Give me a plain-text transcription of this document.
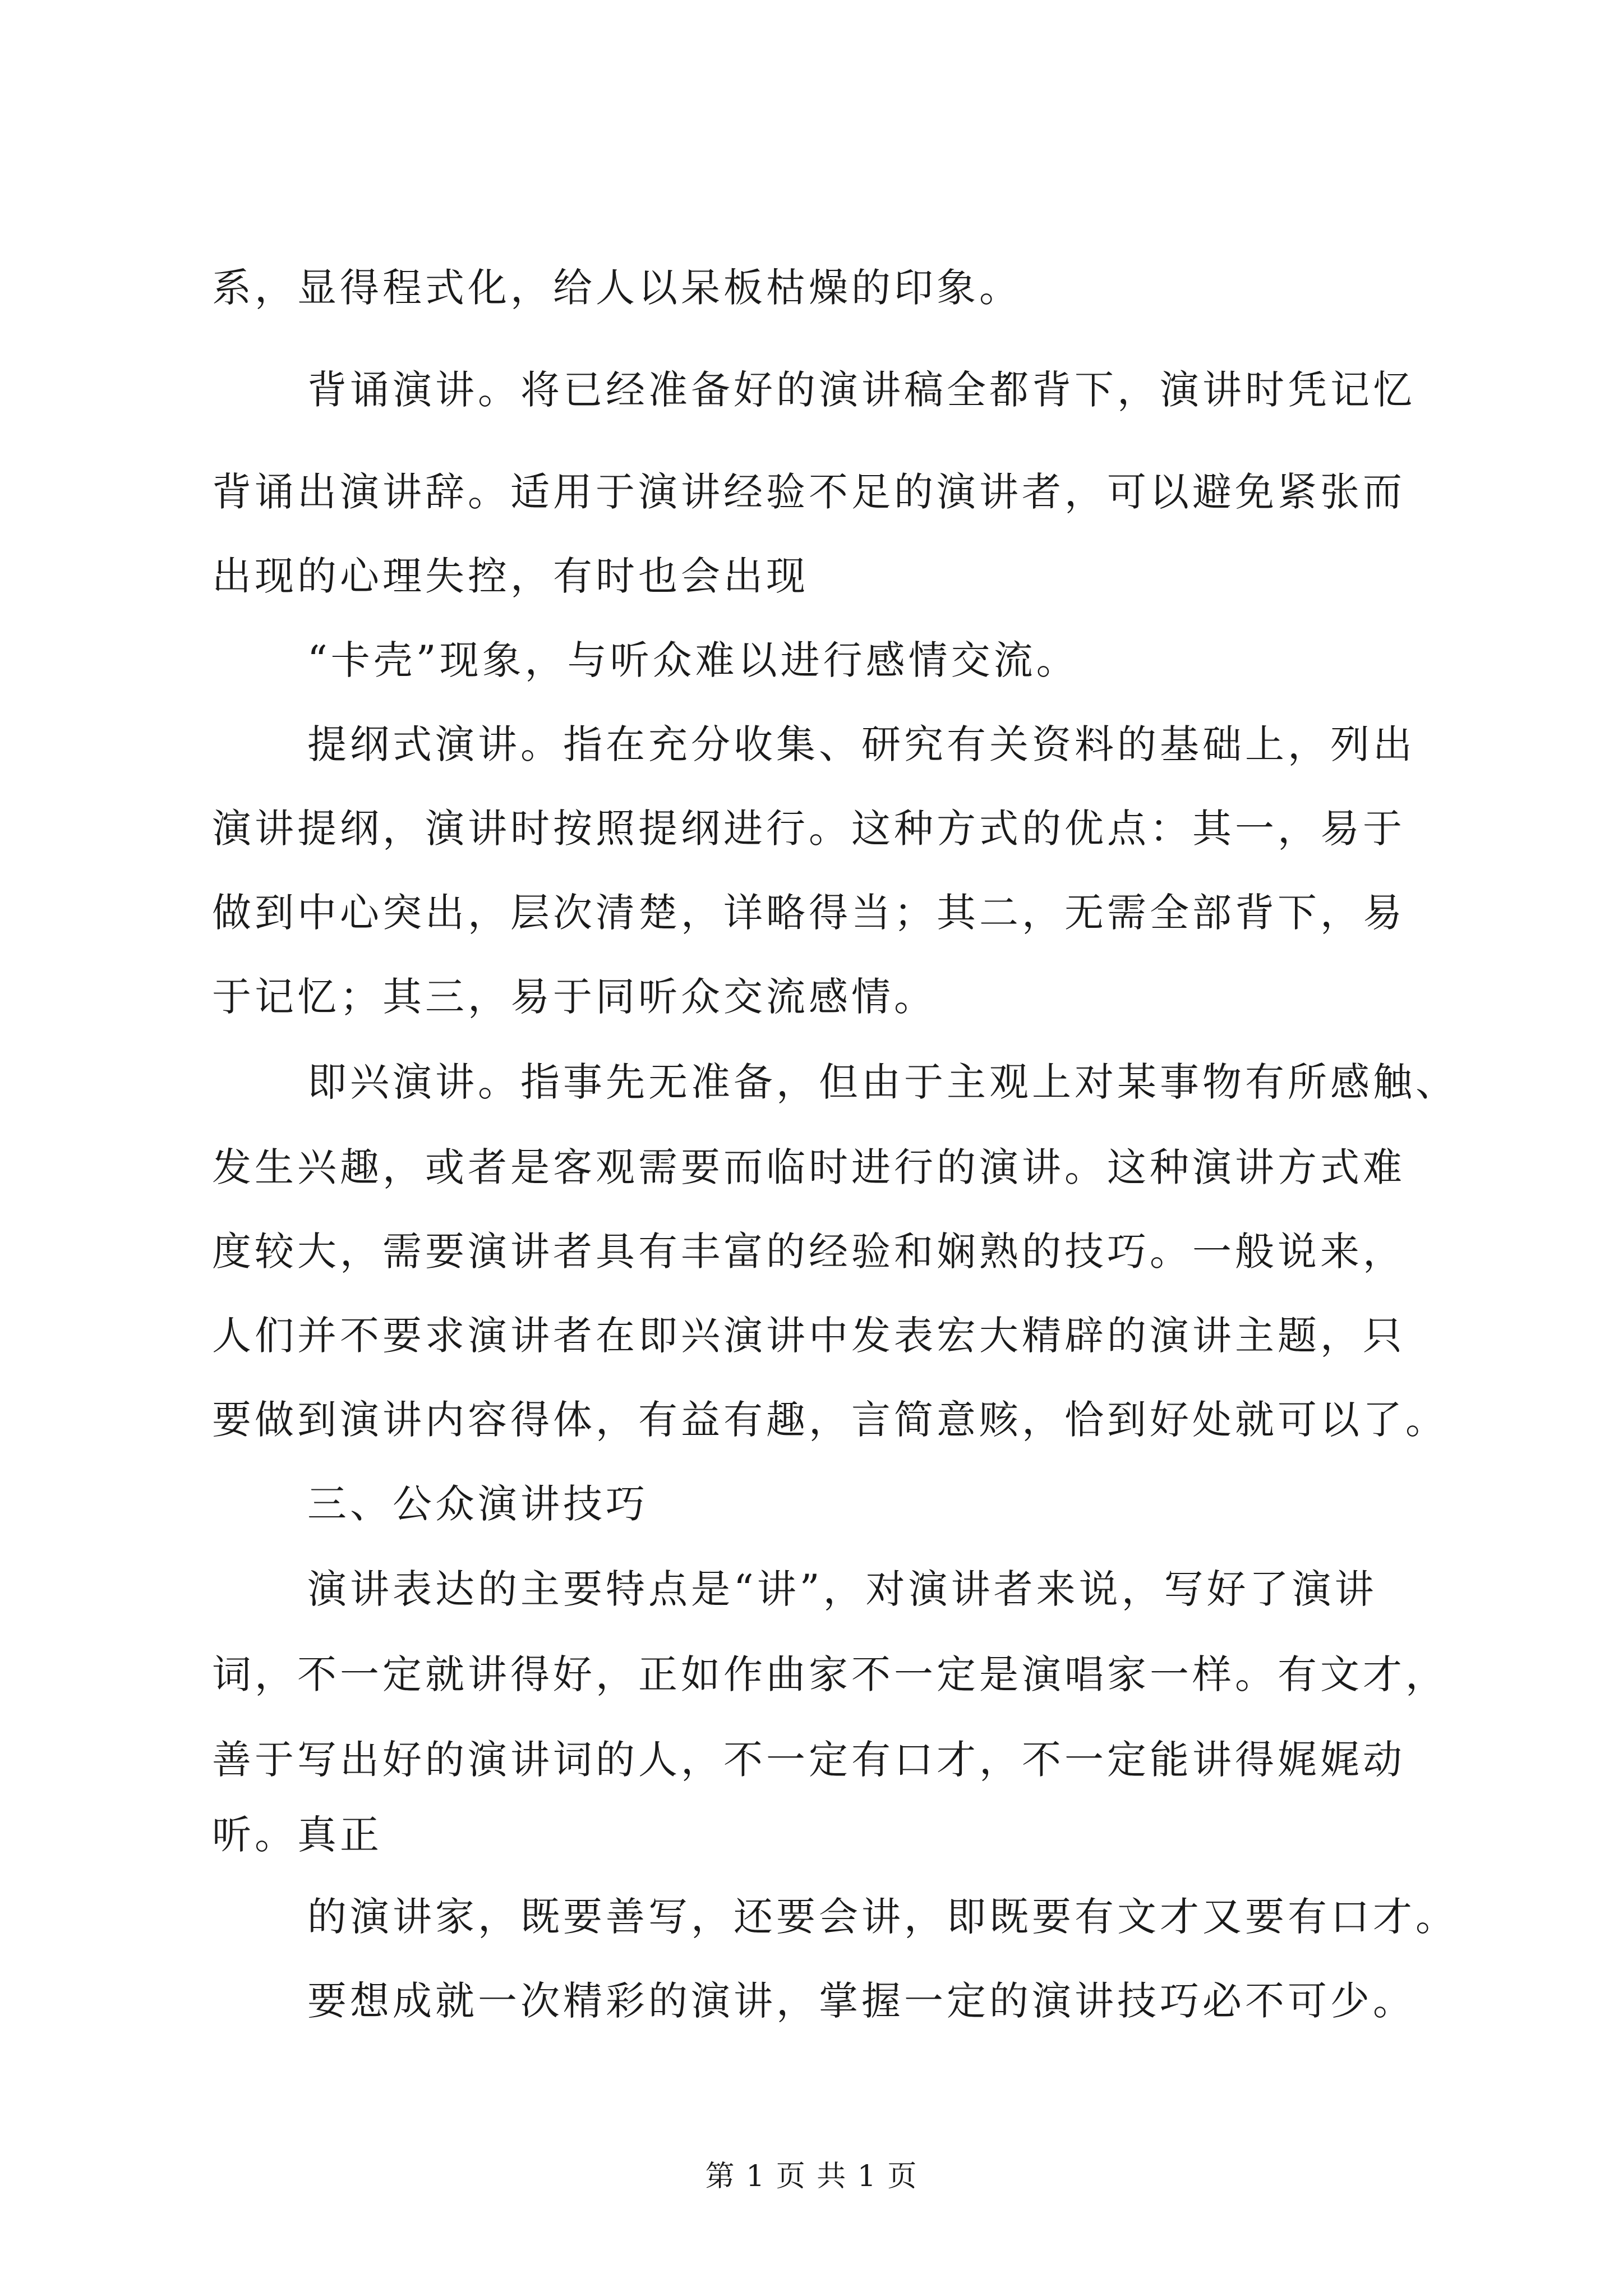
系，显得程式化，给人以呆板枯燥的印象。
背诵演讲。将已经准备好的演讲稿全都背下，演讲时凭记忆
背诵出演讲辞。适用于演讲经验不足的演讲者，可以避免紧张而
出现的心理失控，有时也会出现
“卡壳”现象，与听众难以进行感情交流。
提纲式演讲。指在充分收集、研究有关资料的基础上，列出
演讲提纲，演讲时按照提纲进行。这种方式的优点：其一，易于
做到中心突出，层次清楚，详略得当；其二，无需全部背下，易
于记忆；其三，易于同听众交流感情。
即兴演讲。指事先无准备，但由于主观上对某事物有所感触、
发生兴趣，或者是客观需要而临时进行的演讲。这种演讲方式难
度较大，需要演讲者具有丰富的经验和娴熟的技巧。一般说来，
人们并不要求演讲者在即兴演讲中发表宏大精辟的演讲主题，只
要做到演讲内容得体，有益有趣，言简意赅，恰到好处就可以了。
三、公众演讲技巧
演讲表达的主要特点是“讲”，对演讲者来说，写好了演讲
词，不一定就讲得好，正如作曲家不一定是演唱家一样。有文才，
善于写出好的演讲词的人，不一定有口才，不一定能讲得娓娓动
听。真正
的演讲家，既要善写，还要会讲，即既要有文才又要有口才。
要想成就一次精彩的演讲，掌握一定的演讲技巧必不可少。
第 1 页 共 1 页
